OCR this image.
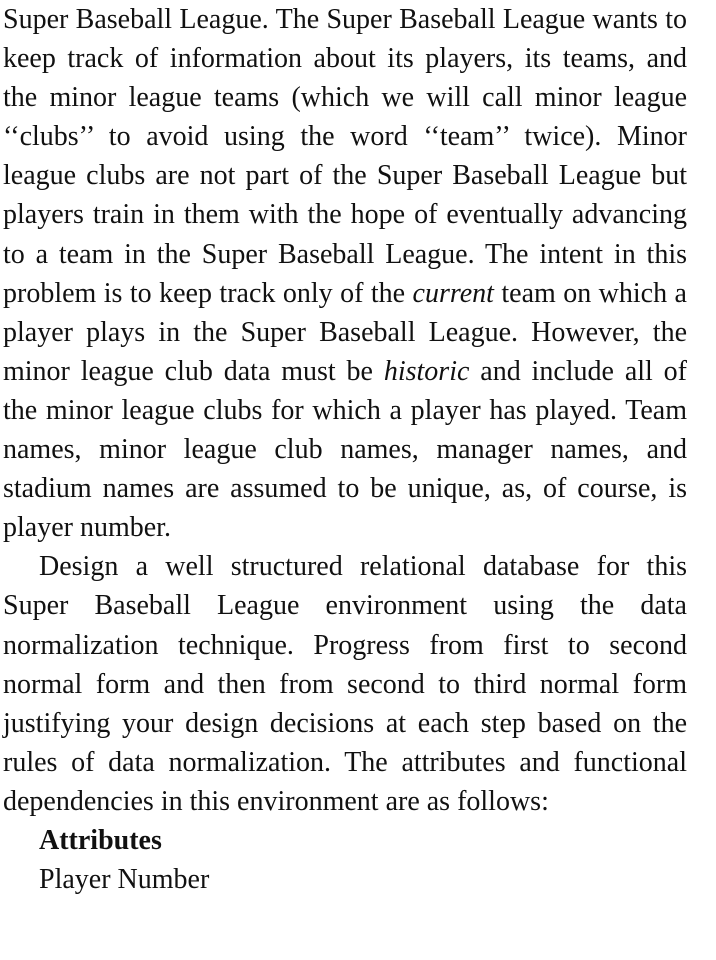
Super Baseball League. The Super Baseball League wants to keep track of information about its players, its teams, and the minor league teams (which we will call minor league ‘‘clubs’’ to avoid using the word ‘‘team’’ twice). Minor league clubs are not part of the Super Baseball League but players train in them with the hope of eventually advancing to a team in the Super Baseball League. The intent in this problem is to keep track only of the current team on which a player plays in the Super Baseball League. However, the minor league club data must be historic and include all of the minor league clubs for which a player has played. Team names, minor league club names, manager names, and stadium names are assumed to be unique, as, of course, is player number.

Design a well structured relational database for this Super Baseball League environment using the data normalization technique. Progress from first to second normal form and then from second to third normal form justifying your design decisions at each step based on the rules of data normalization. The attributes and functional dependencies in this environment are as follows:

Attributes

Player Number
